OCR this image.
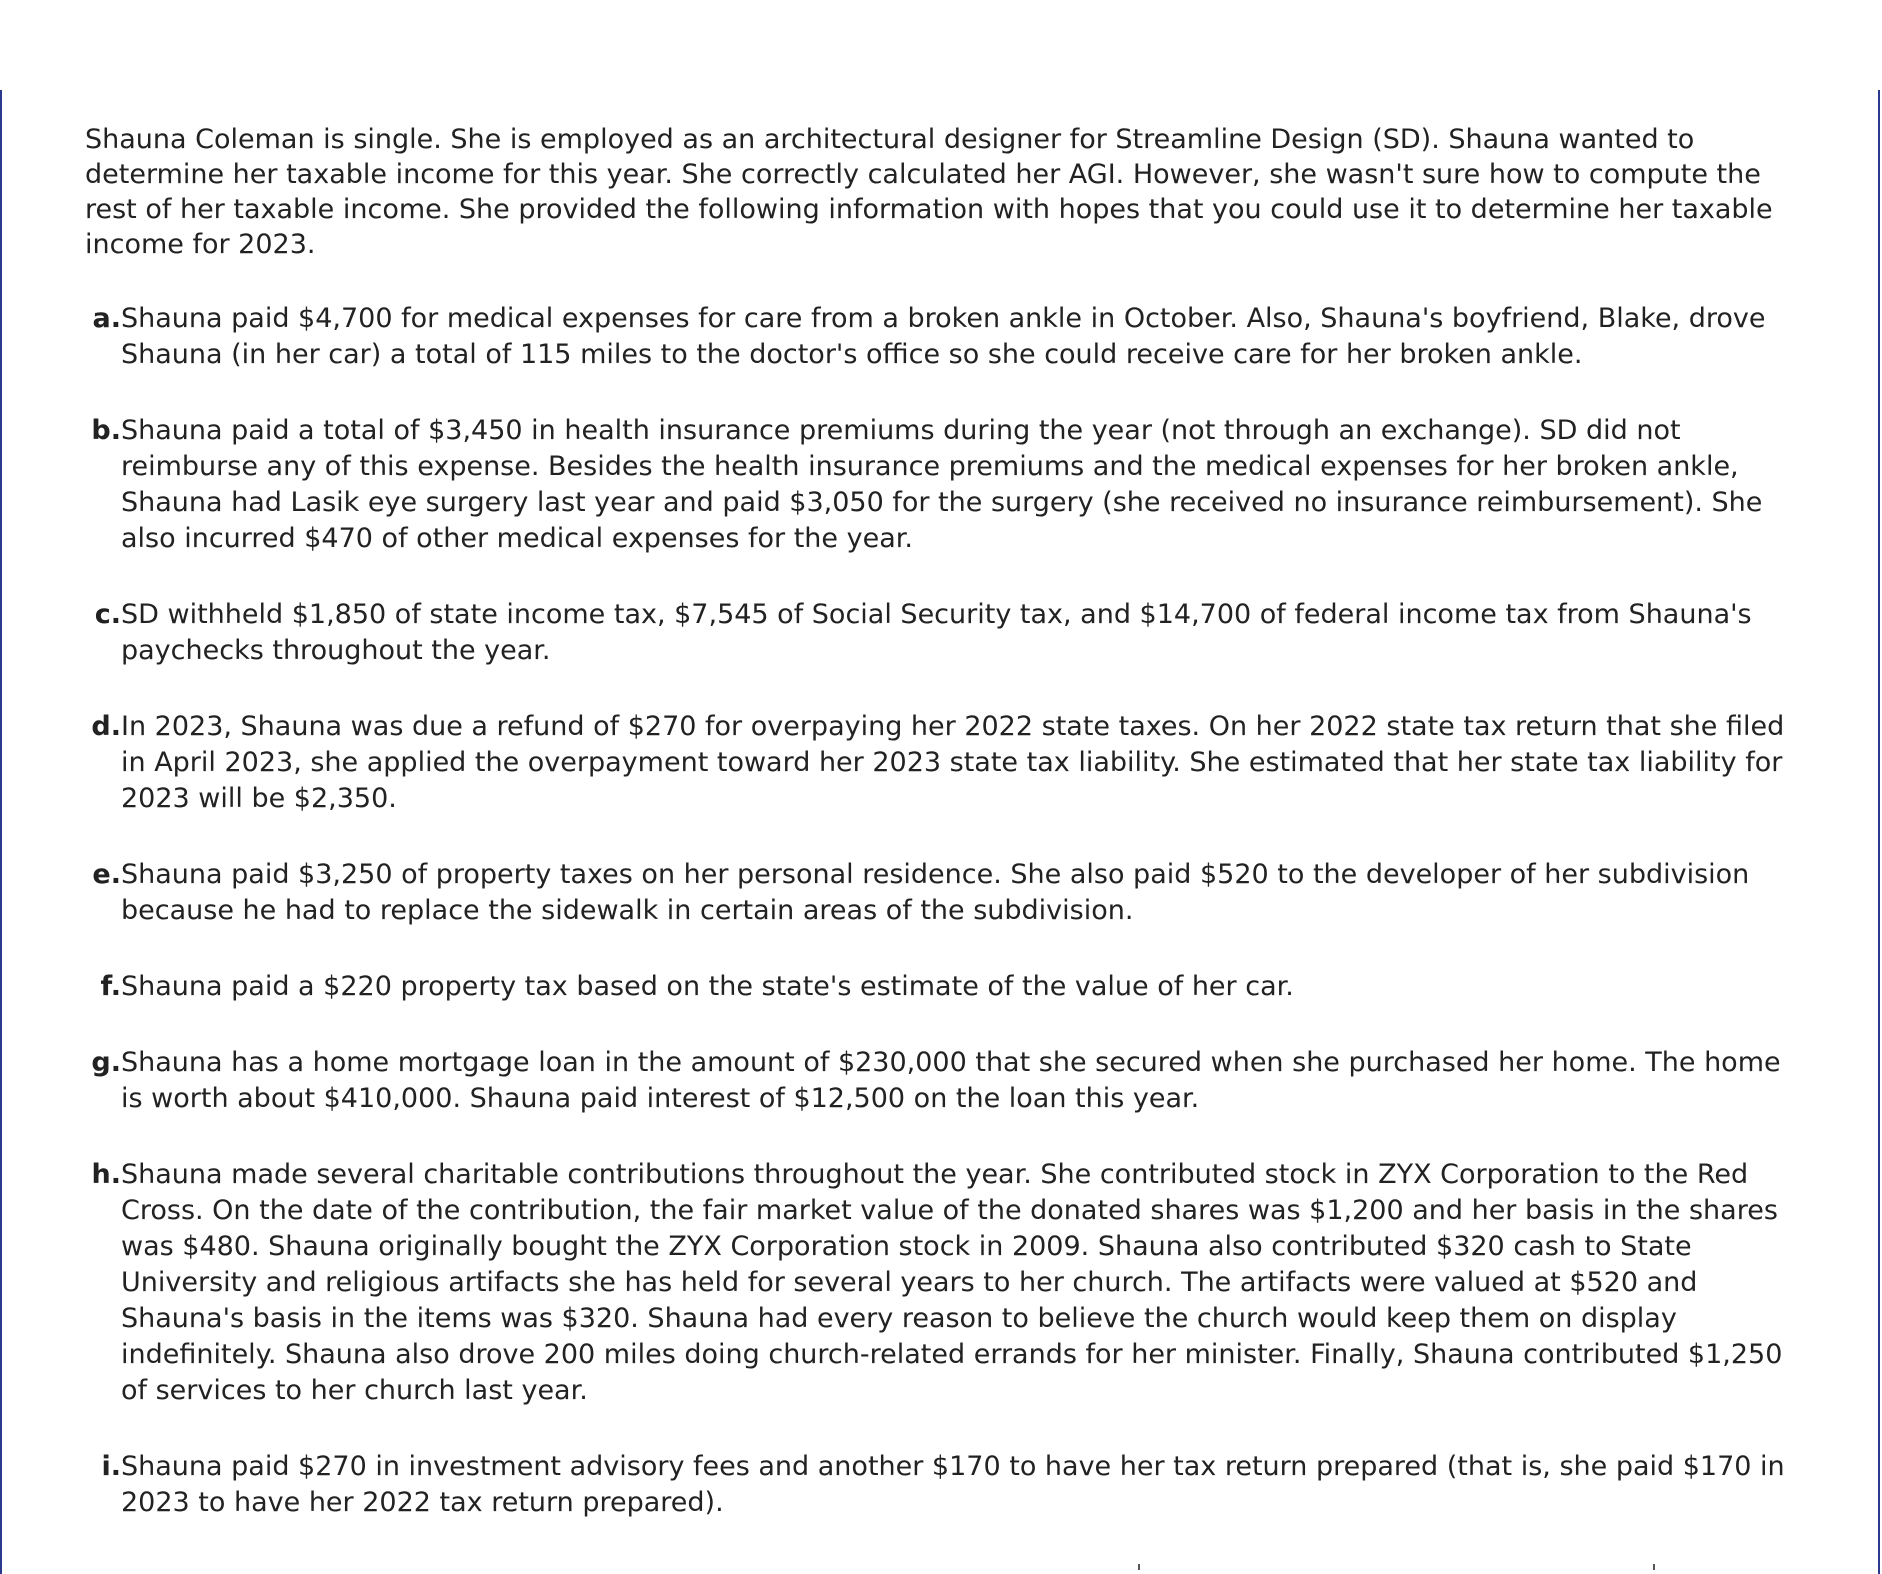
Shauna Coleman is single. She is employed as an architectural designer for Streamline Design (SD). Shauna wanted to determine her taxable income for this year. She correctly calculated her AGI. However, she wasn't sure how to compute the rest of her taxable income. She provided the following information with hopes that you could use it to determine her taxable income for 2023.

a. Shauna paid $4,700 for medical expenses for care from a broken ankle in October. Also, Shauna's boyfriend, Blake, drove Shauna (in her car) a total of 115 miles to the doctor's office so she could receive care for her broken ankle.
b. Shauna paid a total of $3,450 in health insurance premiums during the year (not through an exchange). SD did not reimburse any of this expense. Besides the health insurance premiums and the medical expenses for her broken ankle, Shauna had Lasik eye surgery last year and paid $3,050 for the surgery (she received no insurance reimbursement). She also incurred $470 of other medical expenses for the year.
c. SD withheld $1,850 of state income tax, $7,545 of Social Security tax, and $14,700 of federal income tax from Shauna's paychecks throughout the year.
d. In 2023, Shauna was due a refund of $270 for overpaying her 2022 state taxes. On her 2022 state tax return that she filed in April 2023, she applied the overpayment toward her 2023 state tax liability. She estimated that her state tax liability for 2023 will be $2,350.
e. Shauna paid $3,250 of property taxes on her personal residence. She also paid $520 to the developer of her subdivision because he had to replace the sidewalk in certain areas of the subdivision.
f. Shauna paid a $220 property tax based on the state's estimate of the value of her car.
g. Shauna has a home mortgage loan in the amount of $230,000 that she secured when she purchased her home. The home is worth about $410,000. Shauna paid interest of $12,500 on the loan this year.
h. Shauna made several charitable contributions throughout the year. She contributed stock in ZYX Corporation to the Red Cross. On the date of the contribution, the fair market value of the donated shares was $1,200 and her basis in the shares was $480. Shauna originally bought the ZYX Corporation stock in 2009. Shauna also contributed $320 cash to State University and religious artifacts she has held for several years to her church. The artifacts were valued at $520 and Shauna's basis in the items was $320. Shauna had every reason to believe the church would keep them on display indefinitely. Shauna also drove 200 miles doing church-related errands for her minister. Finally, Shauna contributed $1,250 of services to her church last year.
i. Shauna paid $270 in investment advisory fees and another $170 to have her tax return prepared (that is, she paid $170 in 2023 to have her 2022 tax return prepared).
